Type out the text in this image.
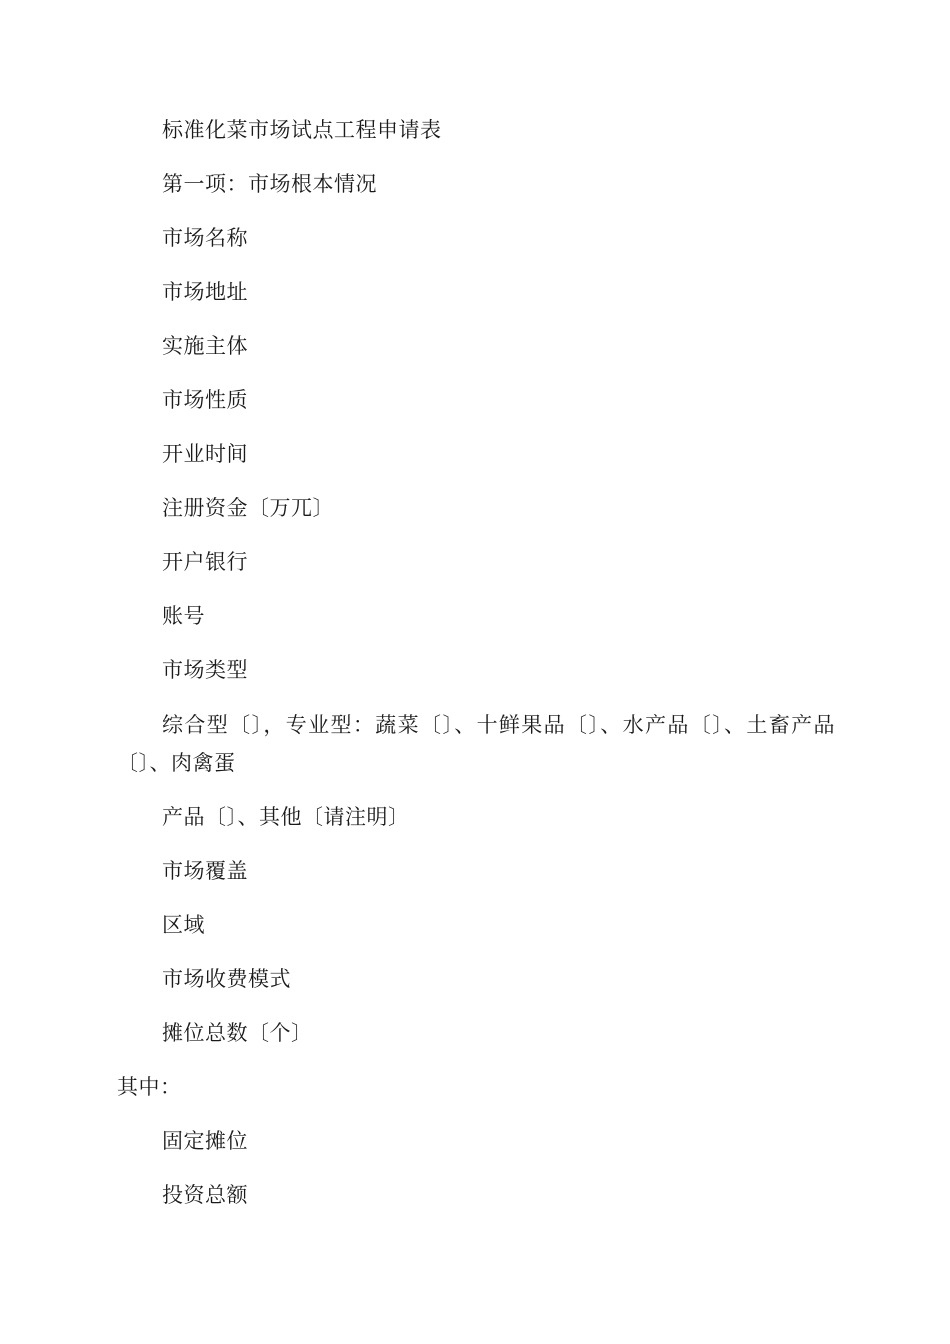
标准化菜市场试点工程申请表
第一项：市场根本情况
市场名称
市场地址
实施主体
市场性质
开业时间
注册资金〔万兀〕
开户银行
账号
市场类型
综合型〔〕，专业型：蔬菜〔〕、十鲜果品〔〕、水产品〔〕、土畜产品〔〕、肉禽蛋
产品〔〕、其他〔请注明〕
市场覆盖
区域
市场收费模式
摊位总数〔个〕
其中：
固定摊位
投资总额
